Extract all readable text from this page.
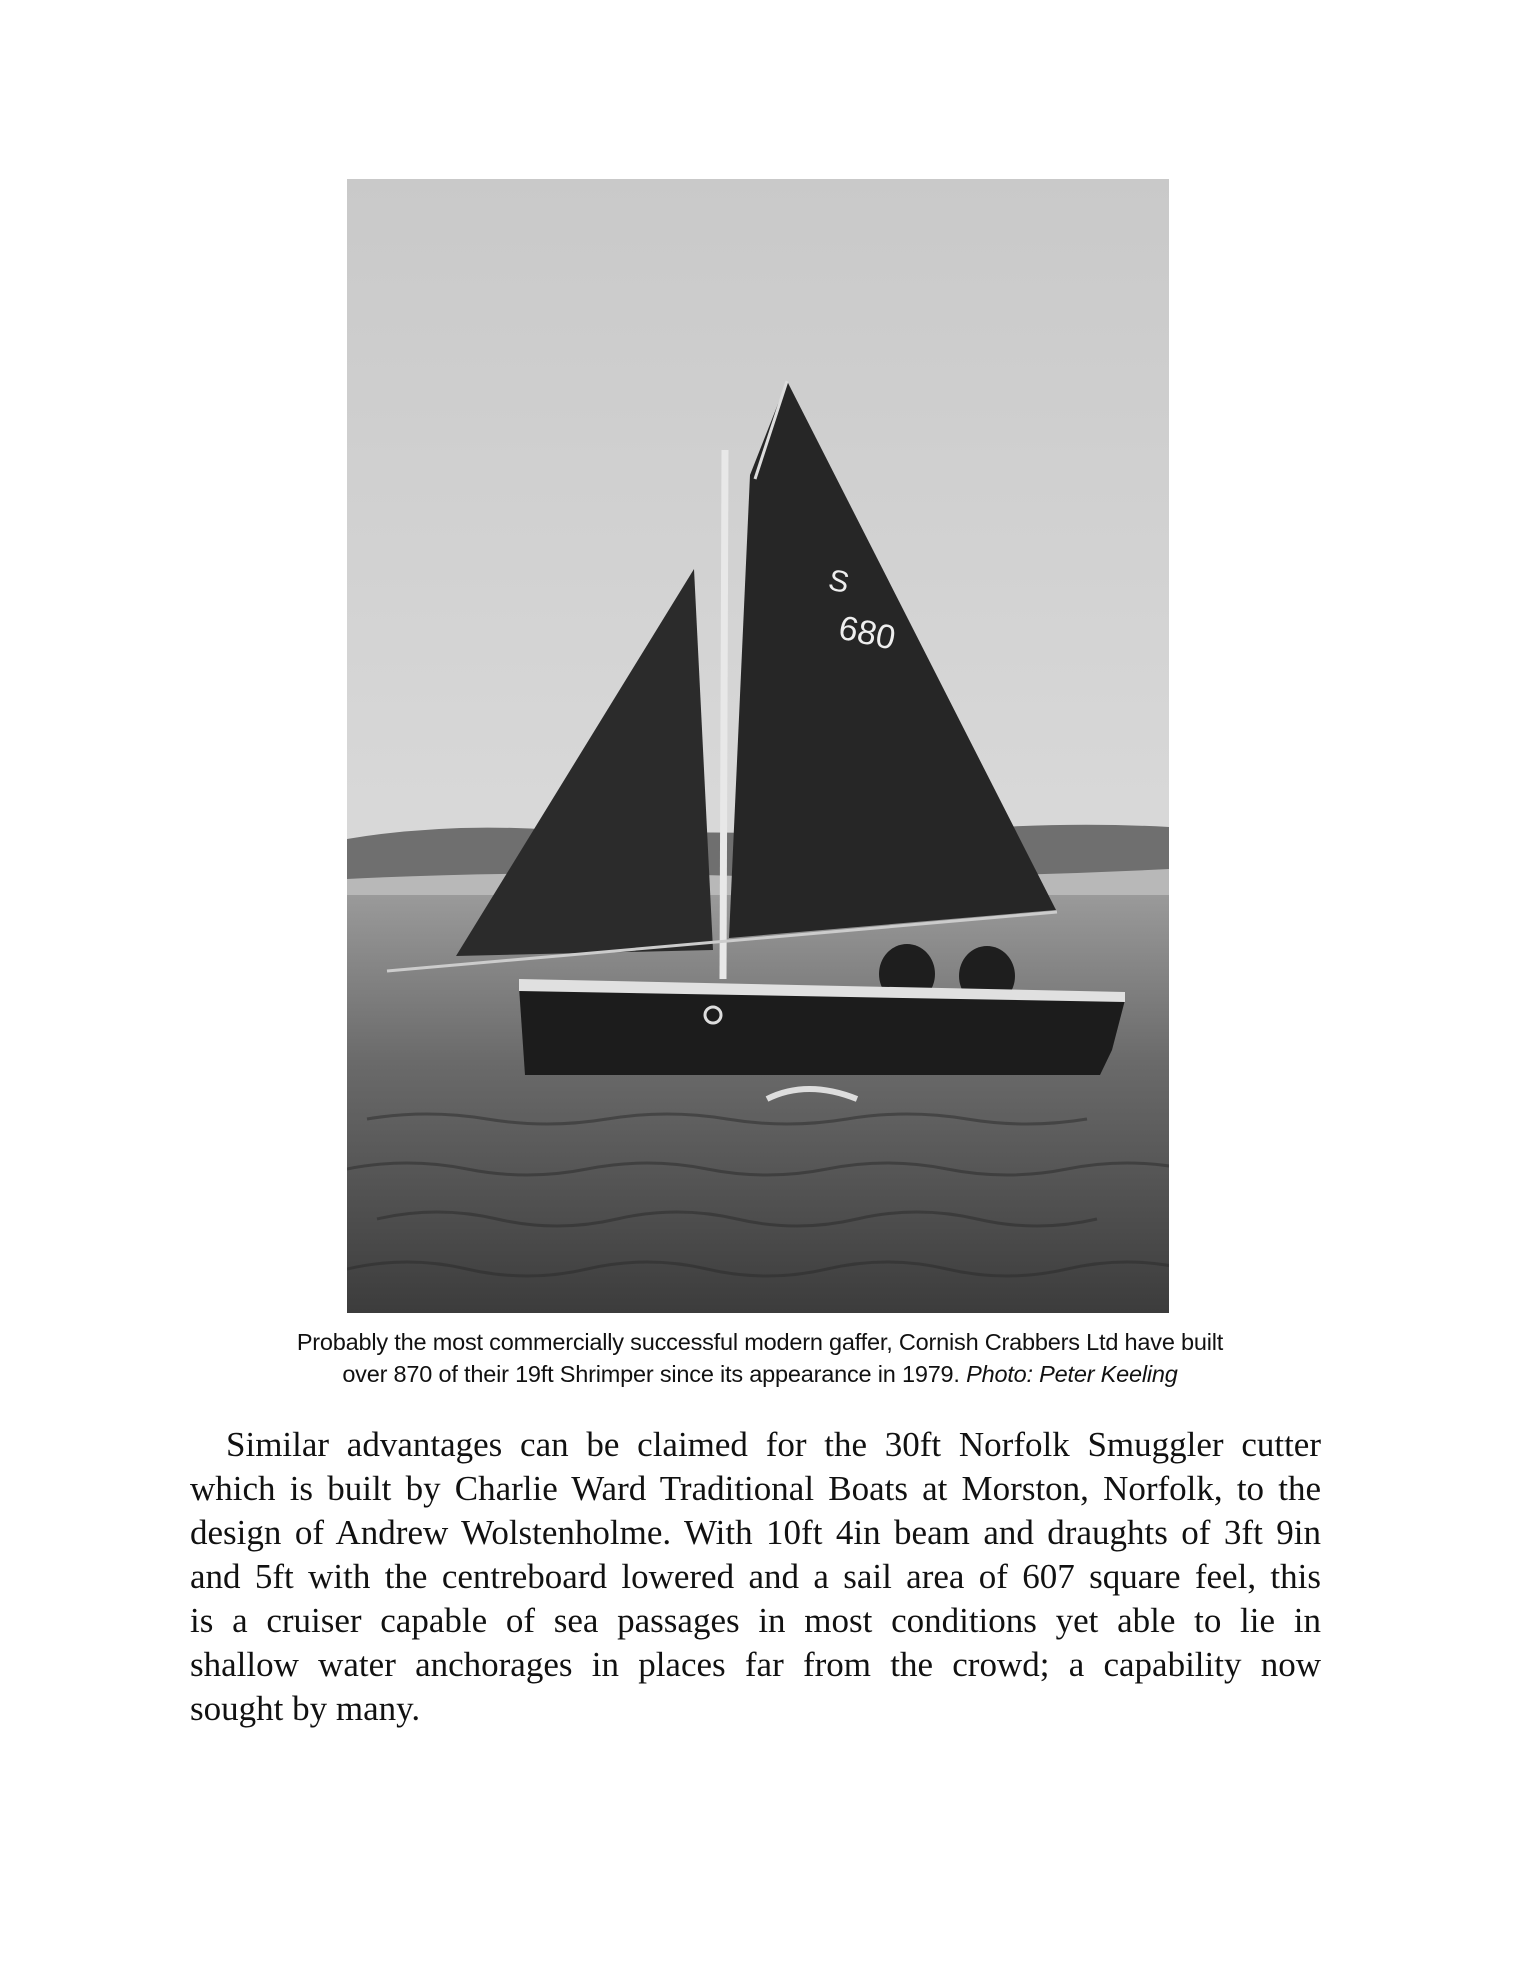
680
S
Probably the most commercially successful modern gaffer, Cornish Crabbers Ltd have built
over 870 of their 19ft Shrimper since its appearance in 1979. Photo: Peter Keeling
Similar advantages can be claimed for the 30ft Norfolk Smuggler cutter
which is built by Charlie Ward Traditional Boats at Morston, Norfolk, to the
design of Andrew Wolstenholme. With 10ft 4in beam and draughts of 3ft 9in
and 5ft with the centreboard lowered and a sail area of 607 square feel, this
is a cruiser capable of sea passages in most conditions yet able to lie in
shallow water anchorages in places far from the crowd; a capability now
sought by many.
